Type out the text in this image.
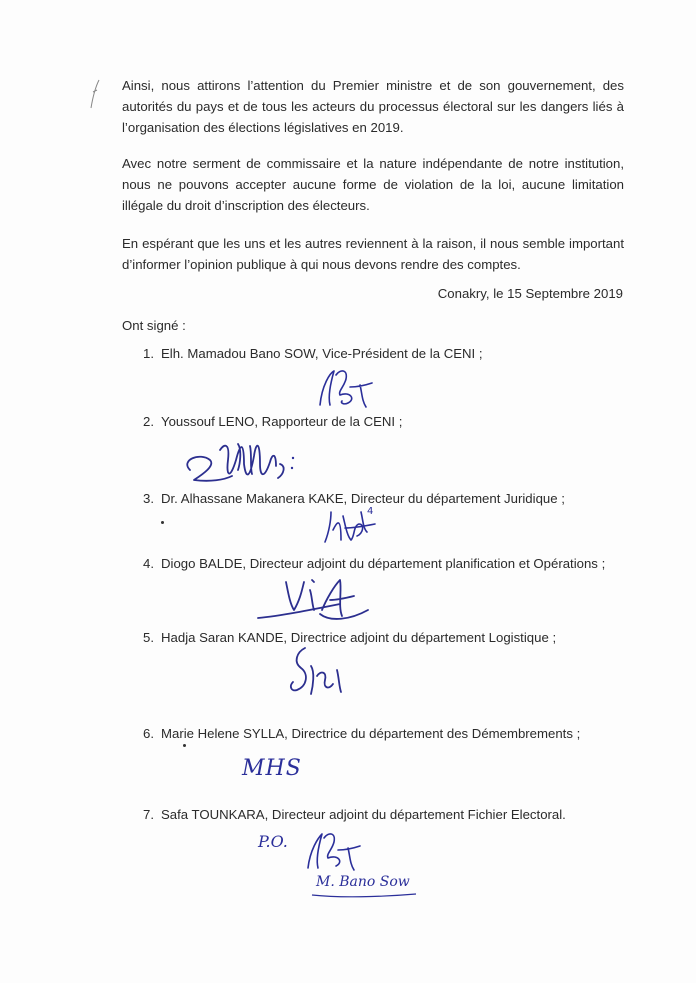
Ainsi, nous attirons l’attention du Premier ministre et de son gouvernement, des autorités du pays et de tous les acteurs du processus électoral sur les dangers liés à l’organisation des élections législatives en 2019.

Avec notre serment de commissaire et la nature indépendante de notre institution, nous ne pouvons accepter aucune forme de violation de la loi, aucune limitation illégale du droit d’inscription des électeurs.

En espérant que les uns et les autres reviennent à la raison, il nous semble important d’informer l’opinion publique à qui nous devons rendre des comptes.

Conakry, le 15 Septembre 2019
Ont signé :
1. Elh. Mamadou Bano SOW, Vice-Président de la CENI ;
2. Youssouf LENO, Rapporteur de la CENI ;
3. Dr. Alhassane Makanera KAKE, Directeur du département Juridique ;
4
4. Diogo BALDE, Directeur adjoint du département planification et Opérations ;
5. Hadja Saran KANDE, Directrice adjoint du département Logistique ;
6. Marie Helene SYLLA, Directrice du département des Démembrements ;
MHS
7. Safa TOUNKARA, Directeur adjoint du département Fichier Electoral.
P.O.
M. Bano Sow
